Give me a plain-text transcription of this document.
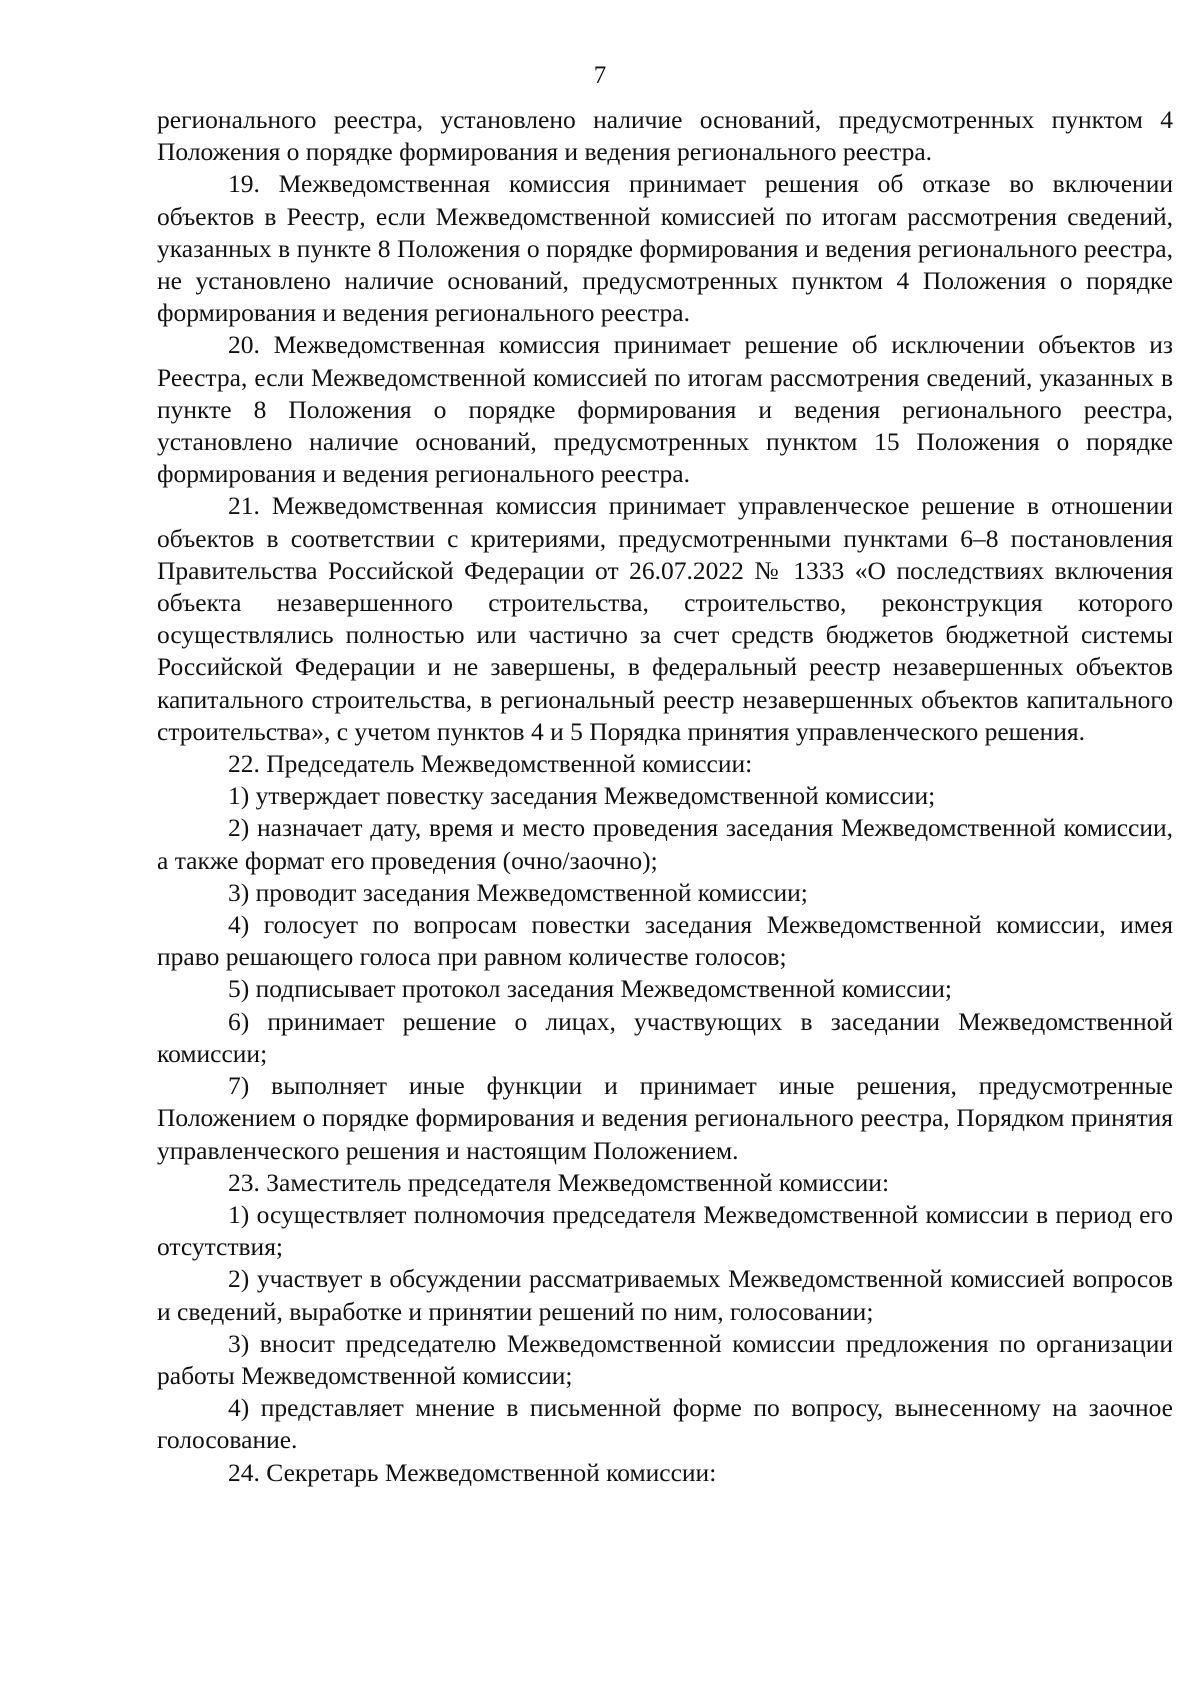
7

регионального реестра, установлено наличие оснований, предусмотренных пунктом 4 Положения о порядке формирования и ведения регионального реестра.

19. Межведомственная комиссия принимает решения об отказе во включении объектов в Реестр, если Межведомственной комиссией по итогам рассмотрения сведений, указанных в пункте 8 Положения о порядке формирования и ведения регионального реестра, не установлено наличие оснований, предусмотренных пунктом 4 Положения о порядке формирования и ведения регионального реестра.

20. Межведомственная комиссия принимает решение об исключении объектов из Реестра, если Межведомственной комиссией по итогам рассмотрения сведений, указанных в пункте 8 Положения о порядке формирования и ведения регионального реестра, установлено наличие оснований, предусмотренных пунктом 15 Положения о порядке формирования и ведения регионального реестра.

21. Межведомственная комиссия принимает управленческое решение в отношении объектов в соответствии с критериями, предусмотренными пунктами 6–8 постановления Правительства Российской Федерации от 26.07.2022 № 1333 «О последствиях включения объекта незавершенного строительства, строительство, реконструкция которого осуществлялись полностью или частично за счет средств бюджетов бюджетной системы Российской Федерации и не завершены, в федеральный реестр незавершенных объектов капитального строительства, в региональный реестр незавершенных объектов капитального строительства», с учетом пунктов 4 и 5 Порядка принятия управленческого решения.

22. Председатель Межведомственной комиссии:

1) утверждает повестку заседания Межведомственной комиссии;

2) назначает дату, время и место проведения заседания Межведомственной комиссии, а также формат его проведения (очно/заочно);

3) проводит заседания Межведомственной комиссии;

4) голосует по вопросам повестки заседания Межведомственной комиссии, имея право решающего голоса при равном количестве голосов;

5) подписывает протокол заседания Межведомственной комиссии;

6) принимает решение о лицах, участвующих в заседании Межведомственной комиссии;

7) выполняет иные функции и принимает иные решения, предусмотренные Положением о порядке формирования и ведения регионального реестра, Порядком принятия управленческого решения и настоящим Положением.

23. Заместитель председателя Межведомственной комиссии:

1) осуществляет полномочия председателя Межведомственной комиссии в период его отсутствия;

2) участвует в обсуждении рассматриваемых Межведомственной комиссией вопросов и сведений, выработке и принятии решений по ним, голосовании;

3) вносит председателю Межведомственной комиссии предложения по организации работы Межведомственной комиссии;

4) представляет мнение в письменной форме по вопросу, вынесенному на заочное голосование.

24. Секретарь Межведомственной комиссии:
